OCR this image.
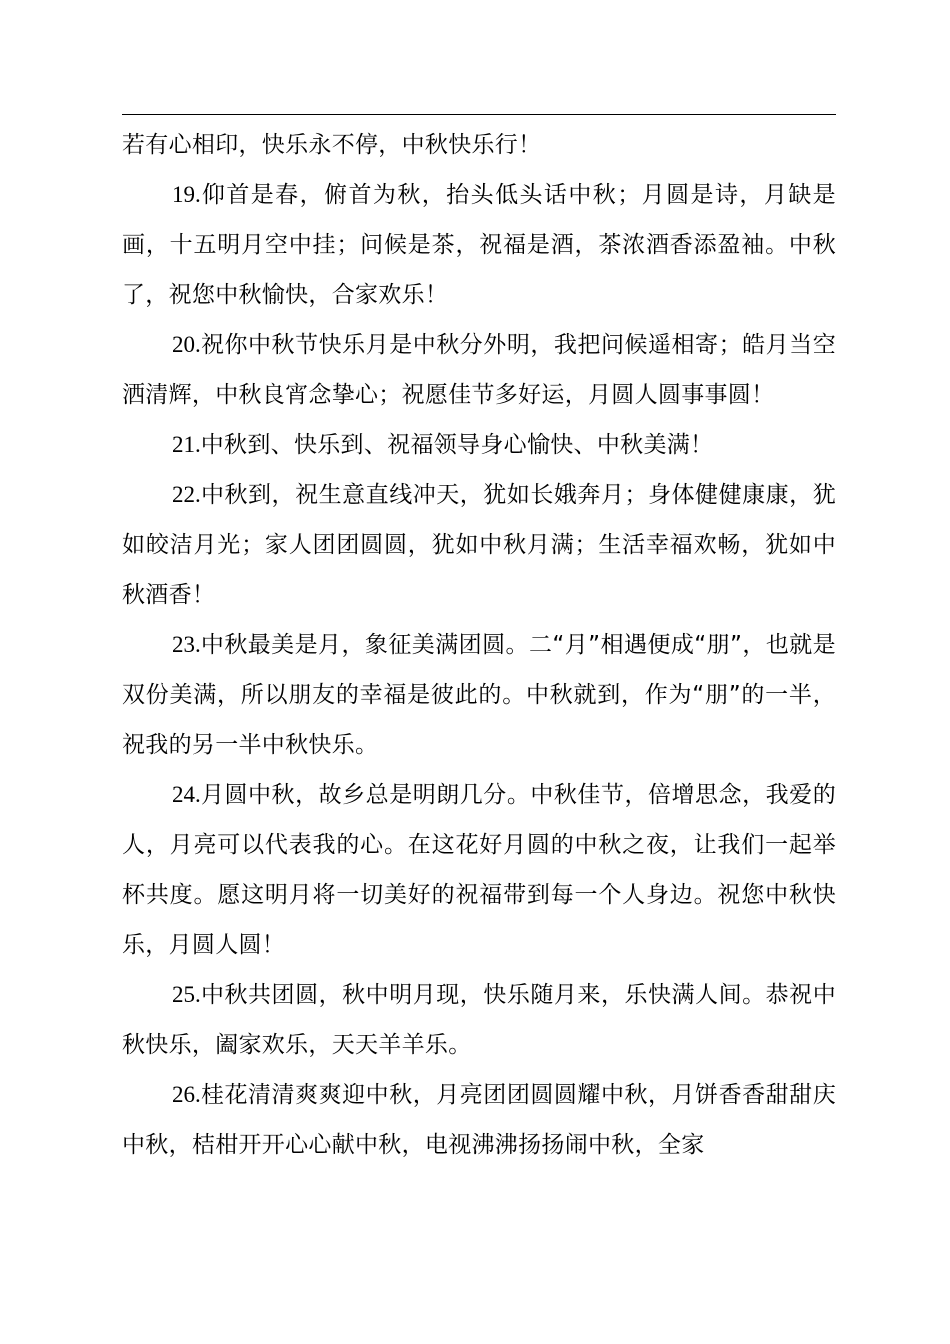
若有心相印，快乐永不停，中秋快乐行！

19.仰首是春，俯首为秋，抬头低头话中秋；月圆是诗，月缺是画，十五明月空中挂；问候是茶，祝福是酒，茶浓酒香添盈袖。中秋了，祝您中秋愉快，合家欢乐！

20.祝你中秋节快乐月是中秋分外明，我把问候遥相寄；皓月当空洒清辉，中秋良宵念挚心；祝愿佳节多好运，月圆人圆事事圆！

21.中秋到、快乐到、祝福领导身心愉快、中秋美满！

22.中秋到，祝生意直线冲天，犹如长娥奔月；身体健健康康，犹如皎洁月光；家人团团圆圆，犹如中秋月满；生活幸福欢畅，犹如中秋酒香！

23.中秋最美是月，象征美满团圆。二“月”相遇便成“朋”，也就是双份美满，所以朋友的幸福是彼此的。中秋就到，作为“朋”的一半，祝我的另一半中秋快乐。

24.月圆中秋，故乡总是明朗几分。中秋佳节，倍增思念，我爱的人，月亮可以代表我的心。在这花好月圆的中秋之夜，让我们一起举杯共度。愿这明月将一切美好的祝福带到每一个人身边。祝您中秋快乐，月圆人圆！

25.中秋共团圆，秋中明月现，快乐随月来，乐快满人间。恭祝中秋快乐，阖家欢乐，天天羊羊乐。

26.桂花清清爽爽迎中秋，月亮团团圆圆耀中秋，月饼香香甜甜庆中秋，桔柑开开心心献中秋，电视沸沸扬扬闹中秋，全家
